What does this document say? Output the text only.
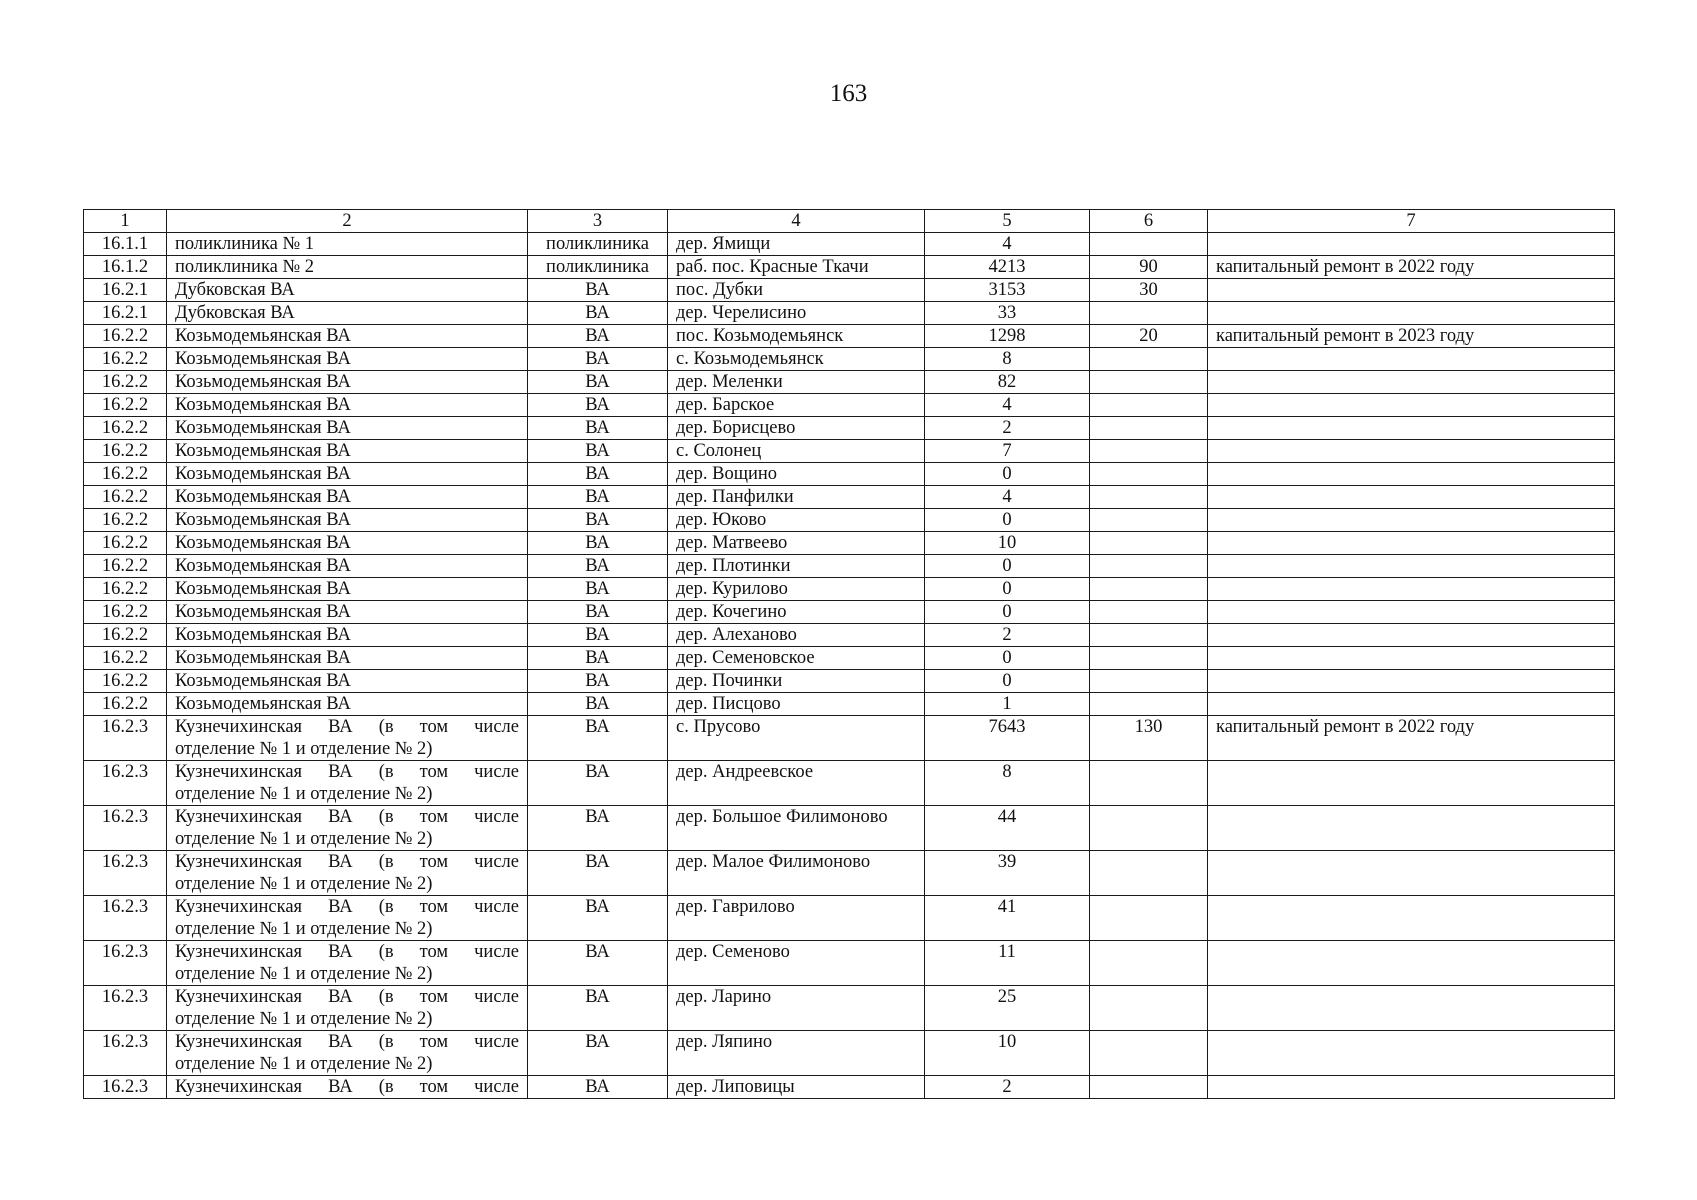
163
1	2	3	4	5	6	7
16.1.1	поликлиника № 1	поликлиника	дер. Ямищи	4		
16.1.2	поликлиника № 2	поликлиника	раб. пос. Красные Ткачи	4213	90	капитальный ремонт в 2022 году
16.2.1	Дубковская ВА	ВА	пос. Дубки	3153	30	
16.2.1	Дубковская ВА	ВА	дер. Черелисино	33		
16.2.2	Козьмодемьянская ВА	ВА	пос. Козьмодемьянск	1298	20	капитальный ремонт в 2023 году
16.2.2	Козьмодемьянская ВА	ВА	с. Козьмодемьянск	8		
16.2.2	Козьмодемьянская ВА	ВА	дер. Меленки	82		
16.2.2	Козьмодемьянская ВА	ВА	дер. Барское	4		
16.2.2	Козьмодемьянская ВА	ВА	дер. Борисцево	2		
16.2.2	Козьмодемьянская ВА	ВА	с. Солонец	7		
16.2.2	Козьмодемьянская ВА	ВА	дер. Вощино	0		
16.2.2	Козьмодемьянская ВА	ВА	дер. Панфилки	4		
16.2.2	Козьмодемьянская ВА	ВА	дер. Юково	0		
16.2.2	Козьмодемьянская ВА	ВА	дер. Матвеево	10		
16.2.2	Козьмодемьянская ВА	ВА	дер. Плотинки	0		
16.2.2	Козьмодемьянская ВА	ВА	дер. Курилово	0		
16.2.2	Козьмодемьянская ВА	ВА	дер. Кочегино	0		
16.2.2	Козьмодемьянская ВА	ВА	дер. Алеханово	2		
16.2.2	Козьмодемьянская ВА	ВА	дер. Семеновское	0		
16.2.2	Козьмодемьянская ВА	ВА	дер. Починки	0		
16.2.2	Козьмодемьянская ВА	ВА	дер. Писцово	1		
16.2.3	Кузнечихинская ВА (в том числе
отделение № 1 и отделение № 2)	ВА	с. Прусово	7643	130	капитальный ремонт в 2022 году
16.2.3	Кузнечихинская ВА (в том числе
отделение № 1 и отделение № 2)	ВА	дер. Андреевское	8		
16.2.3	Кузнечихинская ВА (в том числе
отделение № 1 и отделение № 2)	ВА	дер. Большое Филимоново	44		
16.2.3	Кузнечихинская ВА (в том числе
отделение № 1 и отделение № 2)	ВА	дер. Малое Филимоново	39		
16.2.3	Кузнечихинская ВА (в том числе
отделение № 1 и отделение № 2)	ВА	дер. Гаврилово	41		
16.2.3	Кузнечихинская ВА (в том числе
отделение № 1 и отделение № 2)	ВА	дер. Семеново	11		
16.2.3	Кузнечихинская ВА (в том числе
отделение № 1 и отделение № 2)	ВА	дер. Ларино	25		
16.2.3	Кузнечихинская ВА (в том числе
отделение № 1 и отделение № 2)	ВА	дер. Ляпино	10		
16.2.3	Кузнечихинская ВА (в том числе	ВА	дер. Липовицы	2		
